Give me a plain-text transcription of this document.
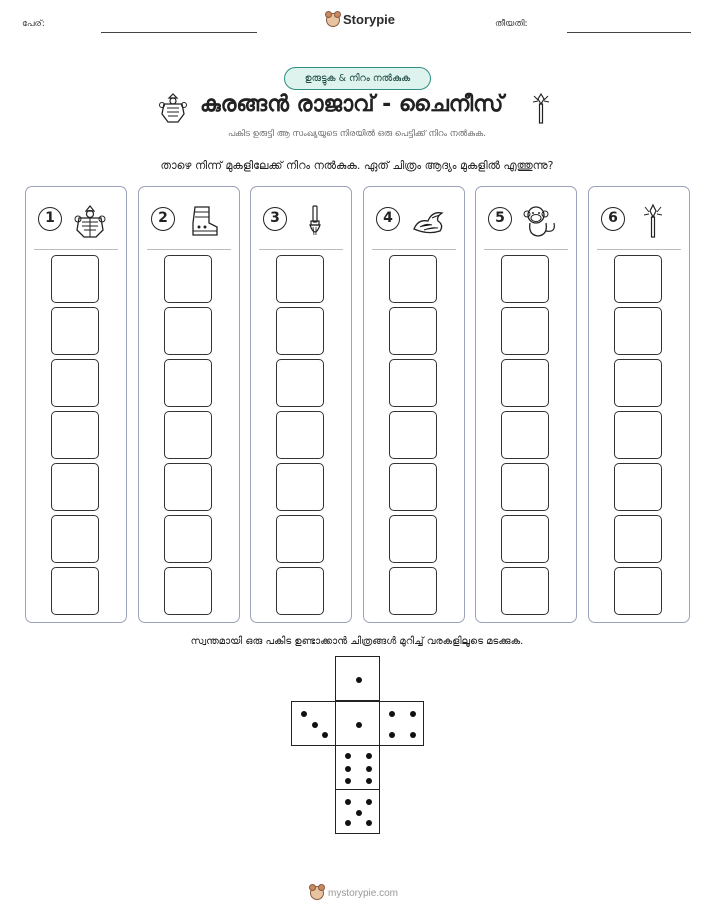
പേര്:	Storypie	തീയതി:
ഉരുട്ടുക & നിറം നൽകുക
കുരങ്ങൻ രാജാവ് - ചൈനീസ്
പകിട ഉരുട്ടി ആ സംഖ്യയുടെ നിരയിൽ ഒരു പെട്ടിക്ക് നിറം നൽകുക.
താഴെ നിന്ന് മുകളിലേക്ക് നിറം നൽകുക. ഏത് ചിത്രം ആദ്യം മുകളിൽ എത്തുന്നു?
1	2	3	4	5	6
സ്വന്തമായി ഒരു പകിട ഉണ്ടാക്കാൻ ചിത്രങ്ങൾ മുറിച്ച് വരകളിലൂടെ മടക്കുക.
mystorypie.com
